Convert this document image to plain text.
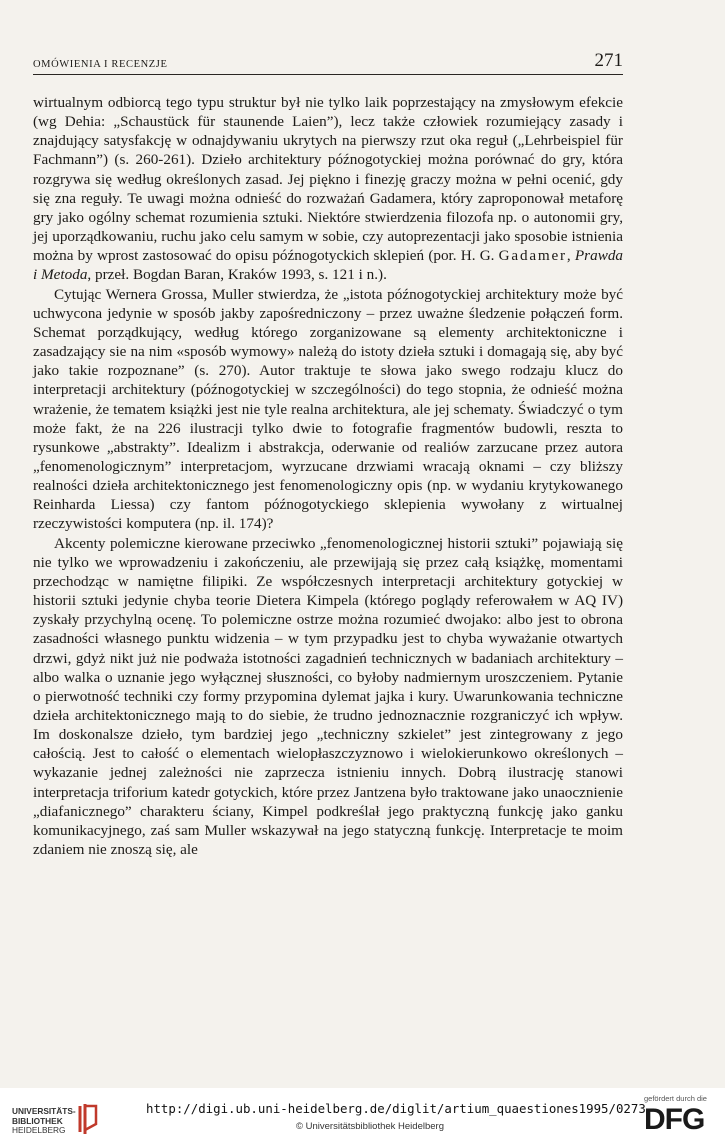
OMÓWIENIA I RECENZJE	271

wirtualnym odbiorcą tego typu struktur był nie tylko laik poprzestający na zmysłowym efekcie (wg Dehia: „Schaustück für staunende Laien”), lecz także człowiek rozumiejący zasady i znajdujący satysfakcję w odnajdywaniu ukrytych na pierwszy rzut oka reguł („Lehrbeispiel für Fachmann”) (s. 260-261). Dzieło architektury późnogotyckiej można porównać do gry, która rozgrywa się według określonych zasad. Jej piękno i finezję graczy można w pełni ocenić, gdy się zna reguły. Te uwagi można odnieść do rozważań Gadamera, który zaproponował metaforę gry jako ogólny schemat rozumienia sztuki. Niektóre stwierdzenia filozofa np. o autonomii gry, jej uporządkowaniu, ruchu jako celu samym w sobie, czy autoprezentacji jako sposobie istnienia można by wprost zastosować do opisu późnogotyckich sklepień (por. H. G. Gadamer, Prawda i Metoda, przeł. Bogdan Baran, Kraków 1993, s. 121 i n.).

Cytując Wernera Grossa, Muller stwierdza, że „istota późnogotyckiej architektury może być uchwycona jedynie w sposób jakby zapośredniczony – przez uważne śledzenie połączeń form. Schemat porządkujący, według którego zorganizowane są elementy architektoniczne i zasadzający sie na nim «sposób wymowy» należą do istoty dzieła sztuki i domagają się, aby być jako takie rozpoznane” (s. 270). Autor traktuje te słowa jako swego rodzaju klucz do interpretacji architektury (późnogotyckiej w szczególności) do tego stopnia, że odnieść można wrażenie, że tematem książki jest nie tyle realna architektura, ale jej schematy. Świadczyć o tym może fakt, że na 226 ilustracji tylko dwie to fotografie fragmentów budowli, reszta to rysunkowe „abstrakty”. Idealizm i abstrakcja, oderwanie od realiów zarzucane przez autora „fenomenologicznym” interpretacjom, wyrzucane drzwiami wracają oknami – czy bliższy realności dzieła architektonicznego jest fenomenologiczny opis (np. w wydaniu krytykowanego Reinharda Liessa) czy fantom późnogotyckiego sklepienia wywołany z wirtualnej rzeczywistości komputera (np. il. 174)?

Akcenty polemiczne kierowane przeciwko „fenomenologicznej historii sztuki” pojawiają się nie tylko we wprowadzeniu i zakończeniu, ale przewijają się przez całą książkę, momentami przechodząc w namiętne filipiki. Ze współczesnych interpretacji architektury gotyckiej w historii sztuki jedynie chyba teorie Dietera Kimpela (którego poglądy referowałem w AQ IV) zyskały przychylną ocenę. To polemiczne ostrze można rozumieć dwojako: albo jest to obrona zasadności własnego punktu widzenia – w tym przypadku jest to chyba wyważanie otwartych drzwi, gdyż nikt już nie podważa istotności zagadnień technicznych w badaniach architektury – albo walka o uznanie jego wyłącznej słuszności, co byłoby nadmiernym uroszczeniem. Pytanie o pierwotność techniki czy formy przypomina dylemat jajka i kury. Uwarunkowania techniczne dzieła architektonicznego mają to do siebie, że trudno jednoznacznie rozgraniczyć ich wpływ. Im doskonalsze dzieło, tym bardziej jego „techniczny szkielet” jest zintegrowany z jego całością. Jest to całość o elementach wielopłaszczyznowo i wielokierunkowo określonych – wykazanie jednej zależności nie zaprzecza istnieniu innych. Dobrą ilustrację stanowi interpretacja triforium katedr gotyckich, które przez Jantzena było traktowane jako unaocznienie „diafanicznego” charakteru ściany, Kimpel podkreślał jego praktyczną funkcję jako ganku komunikacyjnego, zaś sam Muller wskazywał na jego statyczną funkcję. Interpretacje te moim zdaniem nie znoszą się, ale

UNIVERSITÄTS-
BIBLIOTHEK
HEIDELBERG
http://digi.ub.uni-heidelberg.de/diglit/artium_quaestiones1995/0273
© Universitätsbibliothek Heidelberg
gefördert durch die
DFG
